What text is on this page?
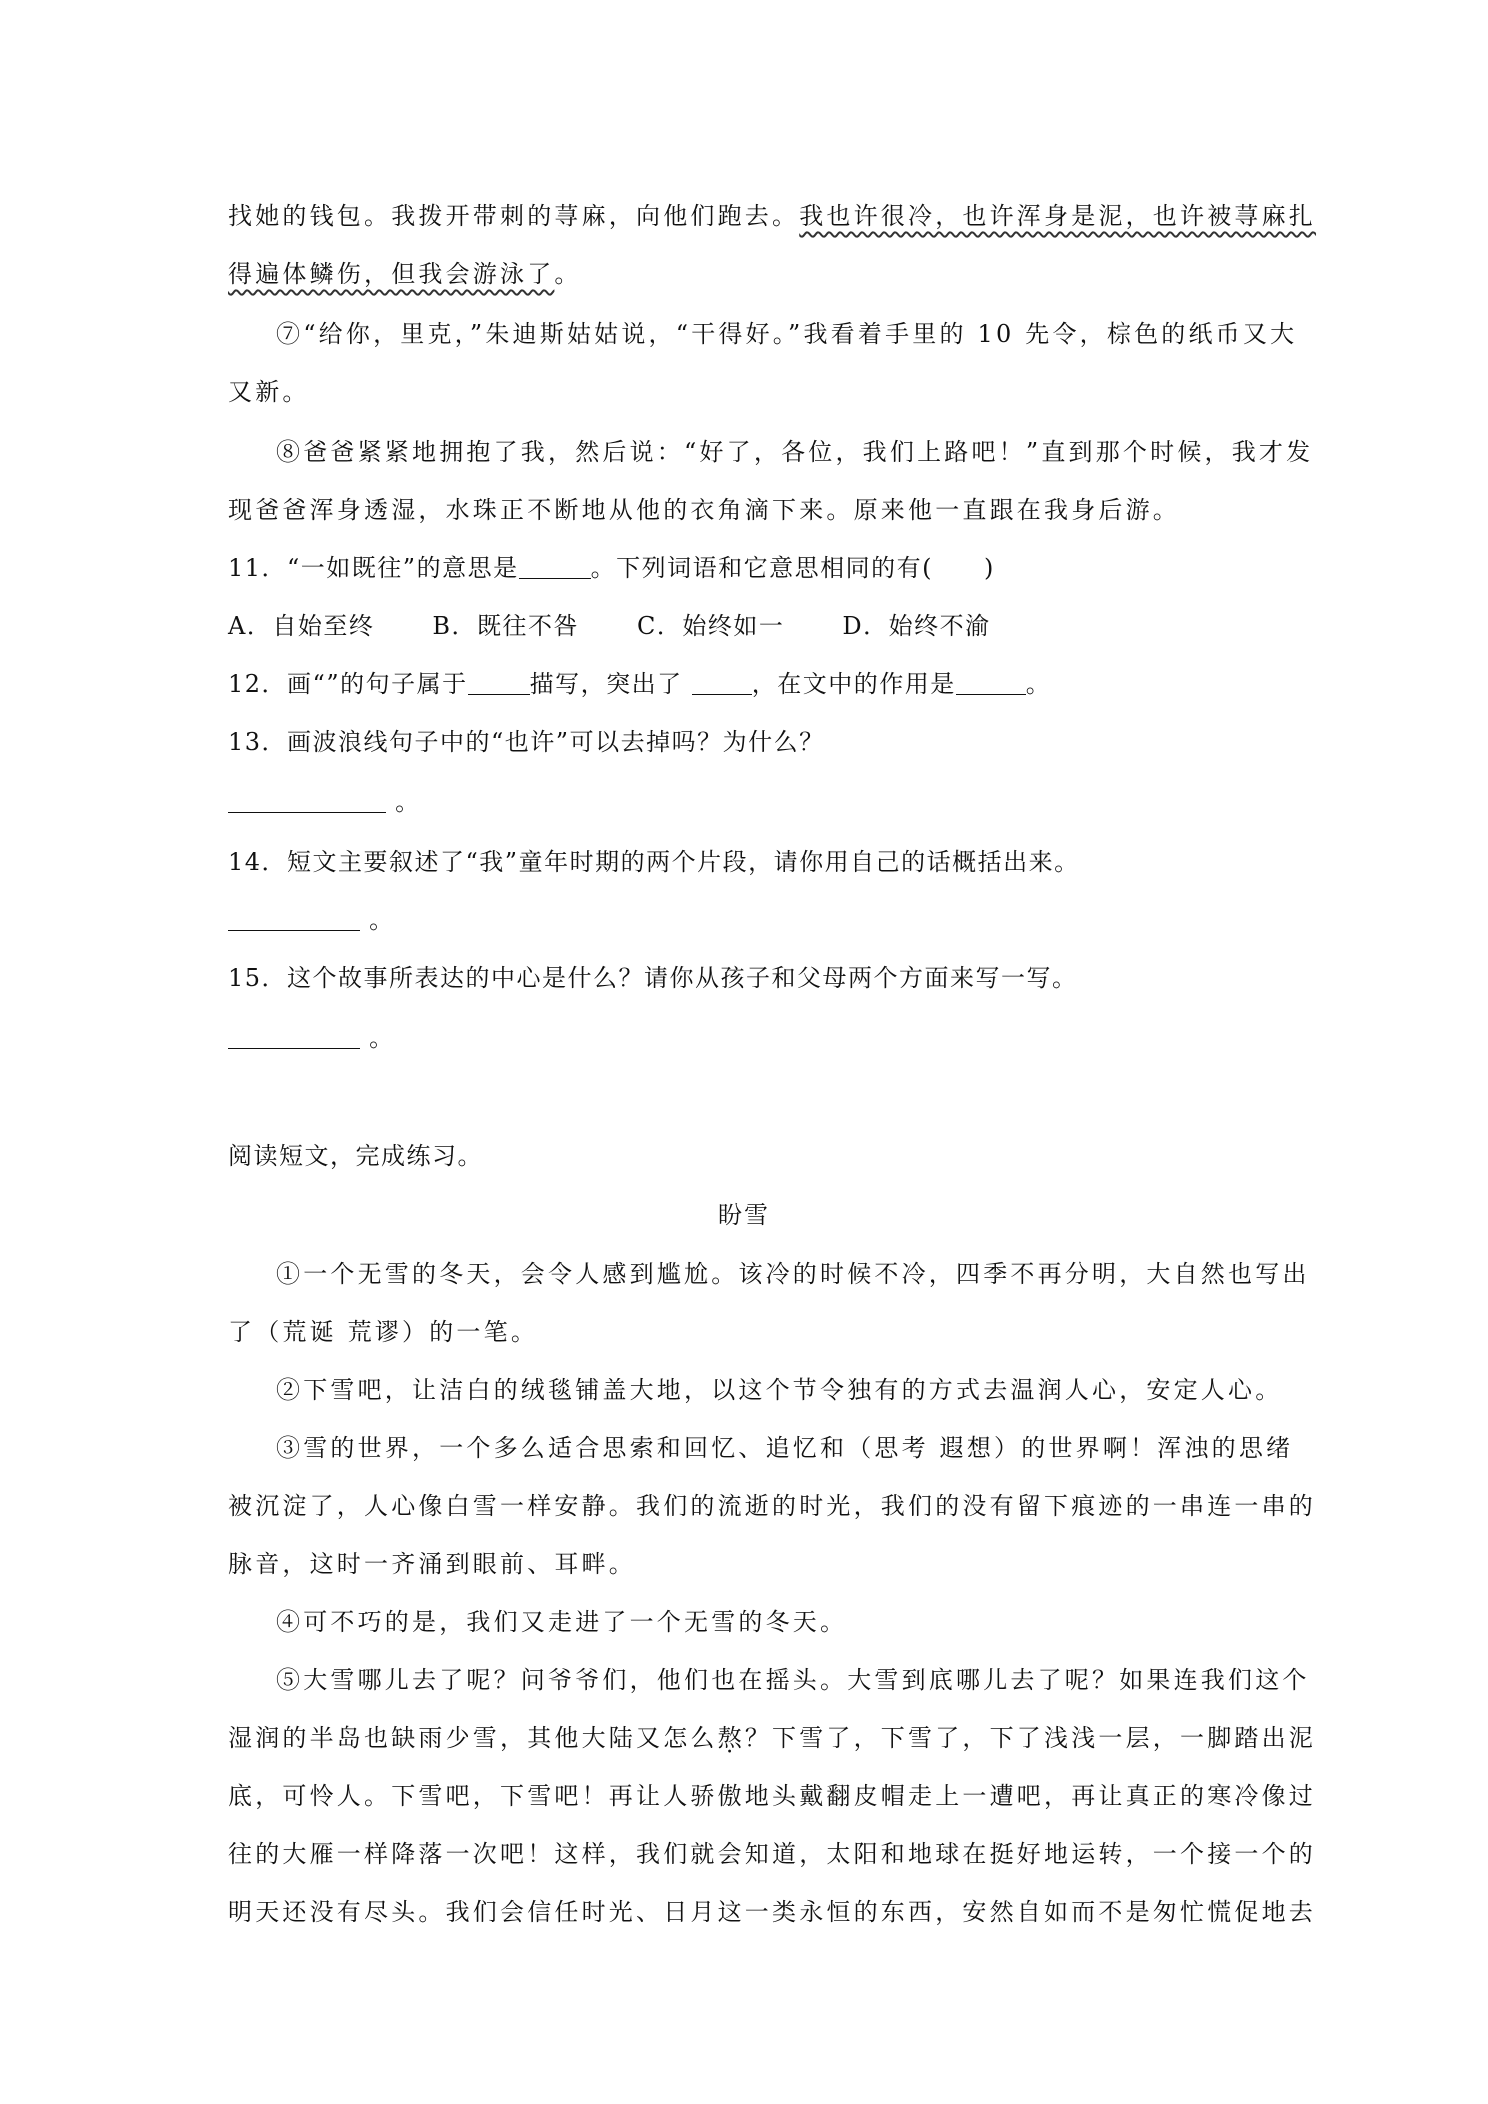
找她的钱包。我拨开带刺的荨麻，向他们跑去。我也许很冷，也许浑身是泥，也许被荨麻扎
得遍体鳞伤，但我会游泳了。
⑦“给你，里克，”朱迪斯姑姑说，“干得好。”我看着手里的 10 先令，棕色的纸币又大
又新。
⑧爸爸紧紧地拥抱了我，然后说：“好了，各位，我们上路吧！”直到那个时候，我才发
现爸爸浑身透湿，水珠正不断地从他的衣角滴下来。原来他一直跟在我身后游。
11．“一如既往”的意思是	。下列词语和它意思相同的有(　　)
A．自始至终 B．既往不咎 C．始终如一 D．始终不渝
12．画“”的句子属于	描写，突出了	，在文中的作用是	。
13．画波浪线句子中的“也许”可以去掉吗？为什么？
。
14．短文主要叙述了“我”童年时期的两个片段，请你用自己的话概括出来。
。
15．这个故事所表达的中心是什么？请你从孩子和父母两个方面来写一写。
。
阅读短文，完成练习。
盼雪
①一个无雪的冬天，会令人感到尴尬。该冷的时候不冷，四季不再分明，大自然也写出
了（荒诞 荒谬）的一笔。
②下雪吧，让洁白的绒毯铺盖大地，以这个节令独有的方式去温润人心，安定人心。
③雪的世界，一个多么适合思索和回忆、追忆和（思考 遐想）的世界啊！浑浊的思绪
被沉淀了，人心像白雪一样安静。我们的流逝的时光，我们的没有留下痕迹的一串连一串的
脉音，这时一齐涌到眼前、耳畔。
④可不巧的是，我们又走进了一个无雪的冬天。
⑤大雪哪儿去了呢？问爷爷们，他们也在摇头。大雪到底哪儿去了呢？如果连我们这个
湿润的半岛也缺雨少雪，其他大陆又怎么熬？下雪了，下雪了，下了浅浅一层，一脚踏出泥
底，可怜人。下雪吧，下雪吧！再让人骄傲地头戴翻皮帽走上一遭吧，再让真正的寒冷像过
往的大雁一样降落一次吧！这样，我们就会知道，太阳和地球在挺好地运转，一个接一个的
明天还没有尽头。我们会信任时光、日月这一类永恒的东西，安然自如而不是匆忙慌促地去
